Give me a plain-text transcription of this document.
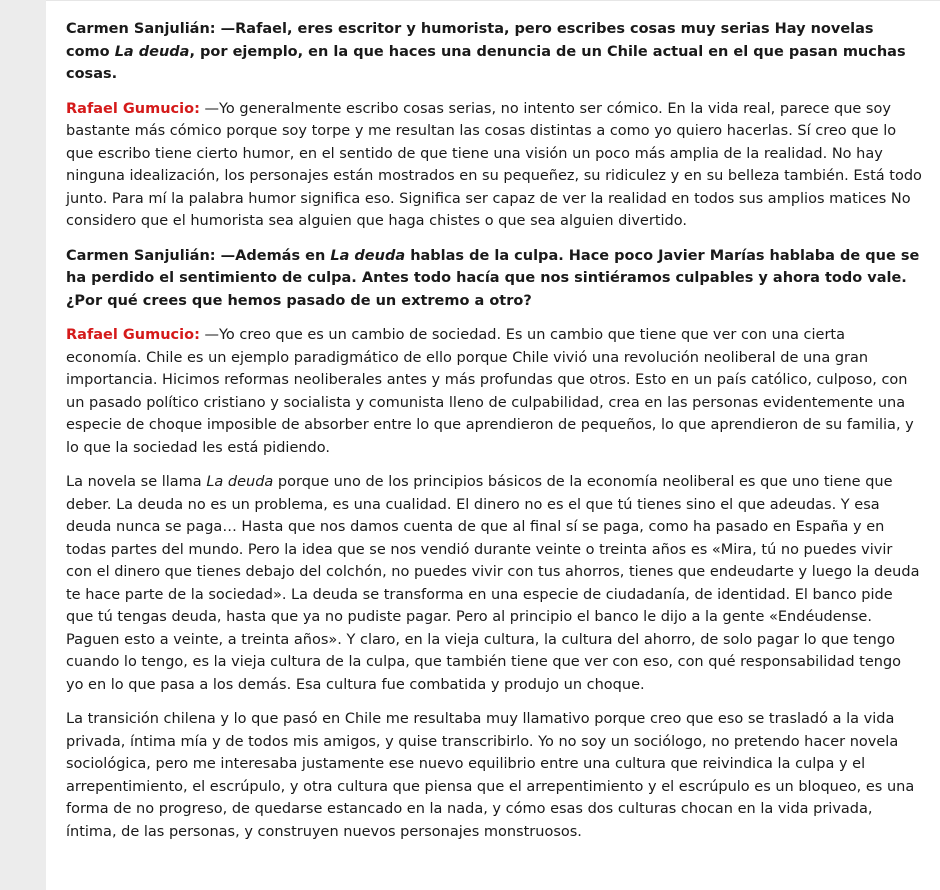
Carmen Sanjulián: —Rafael, eres escritor y humorista, pero escribes cosas muy serias Hay novelas como La deuda, por ejemplo, en la que haces una denuncia de un Chile actual en el que pasan muchas cosas.

Rafael Gumucio: —Yo generalmente escribo cosas serias, no intento ser cómico. En la vida real, parece que soy bastante más cómico porque soy torpe y me resultan las cosas distintas a como yo quiero hacerlas. Sí creo que lo que escribo tiene cierto humor, en el sentido de que tiene una visión un poco más amplia de la realidad. No hay ninguna idealización, los personajes están mostrados en su pequeñez, su ridiculez y en su belleza también. Está todo junto. Para mí la palabra humor significa eso. Significa ser capaz de ver la realidad en todos sus amplios matices No considero que el humorista sea alguien que haga chistes o que sea alguien divertido.

Carmen Sanjulián: —Además en La deuda hablas de la culpa. Hace poco Javier Marías hablaba de que se ha perdido el sentimiento de culpa. Antes todo hacía que nos sintiéramos culpables y ahora todo vale. ¿Por qué crees que hemos pasado de un extremo a otro?

Rafael Gumucio: —Yo creo que es un cambio de sociedad. Es un cambio que tiene que ver con una cierta economía. Chile es un ejemplo paradigmático de ello porque Chile vivió una revolución neoliberal de una gran importancia. Hicimos reformas neoliberales antes y más profundas que otros. Esto en un país católico, culposo, con un pasado político cristiano y socialista y comunista lleno de culpabilidad, crea en las personas evidentemente una especie de choque imposible de absorber entre lo que aprendieron de pequeños, lo que aprendieron de su familia, y lo que la sociedad les está pidiendo.

La novela se llama La deuda porque uno de los principios básicos de la economía neoliberal es que uno tiene que deber. La deuda no es un problema, es una cualidad. El dinero no es el que tú tienes sino el que adeudas. Y esa deuda nunca se paga… Hasta que nos damos cuenta de que al final sí se paga, como ha pasado en España y en todas partes del mundo. Pero la idea que se nos vendió durante veinte o treinta años es «Mira, tú no puedes vivir con el dinero que tienes debajo del colchón, no puedes vivir con tus ahorros, tienes que endeudarte y luego la deuda te hace parte de la sociedad». La deuda se transforma en una especie de ciudadanía, de identidad. El banco pide que tú tengas deuda, hasta que ya no pudiste pagar. Pero al principio el banco le dijo a la gente «Endéudense. Paguen esto a veinte, a treinta años». Y claro, en la vieja cultura, la cultura del ahorro, de solo pagar lo que tengo cuando lo tengo, es la vieja cultura de la culpa, que también tiene que ver con eso, con qué responsabilidad tengo yo en lo que pasa a los demás. Esa cultura fue combatida y produjo un choque.

La transición chilena y lo que pasó en Chile me resultaba muy llamativo porque creo que eso se trasladó a la vida privada, íntima mía y de todos mis amigos, y quise transcribirlo. Yo no soy un sociólogo, no pretendo hacer novela sociológica, pero me interesaba justamente ese nuevo equilibrio entre una cultura que reivindica la culpa y el arrepentimiento, el escrúpulo, y otra cultura que piensa que el arrepentimiento y el escrúpulo es un bloqueo, es una forma de no progreso, de quedarse estancado en la nada, y cómo esas dos culturas chocan en la vida privada, íntima, de las personas, y construyen nuevos personajes monstruosos.
